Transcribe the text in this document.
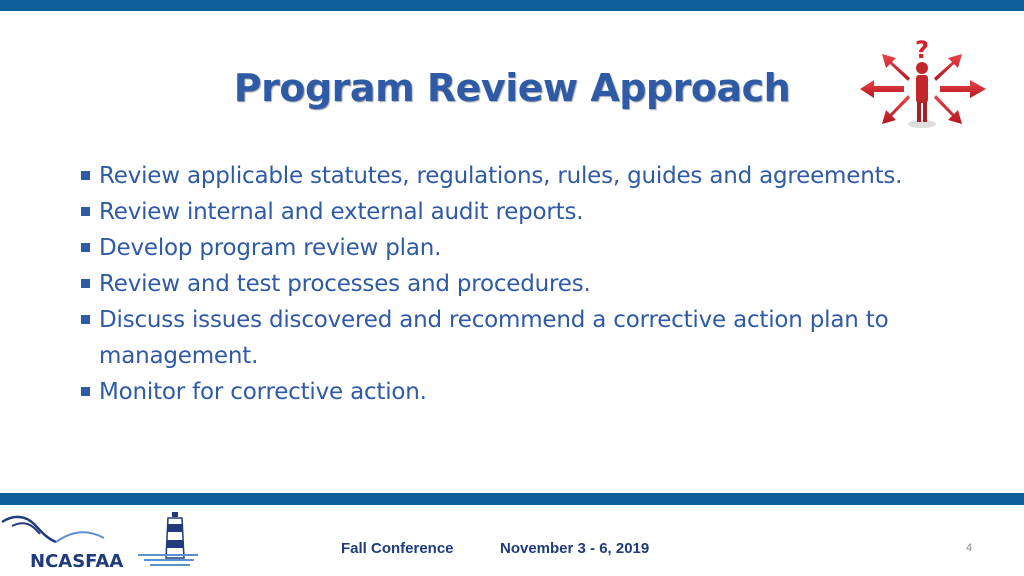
Program Review Approach
?
Review applicable statutes, regulations, rules, guides and agreements.
Review internal and external audit reports.
Develop program review plan.
Review and test processes and procedures.
Discuss issues discovered and recommend a corrective action plan to management.
Monitor for corrective action.
NCASFAA
Fall Conference	November 3 - 6, 2019	4
